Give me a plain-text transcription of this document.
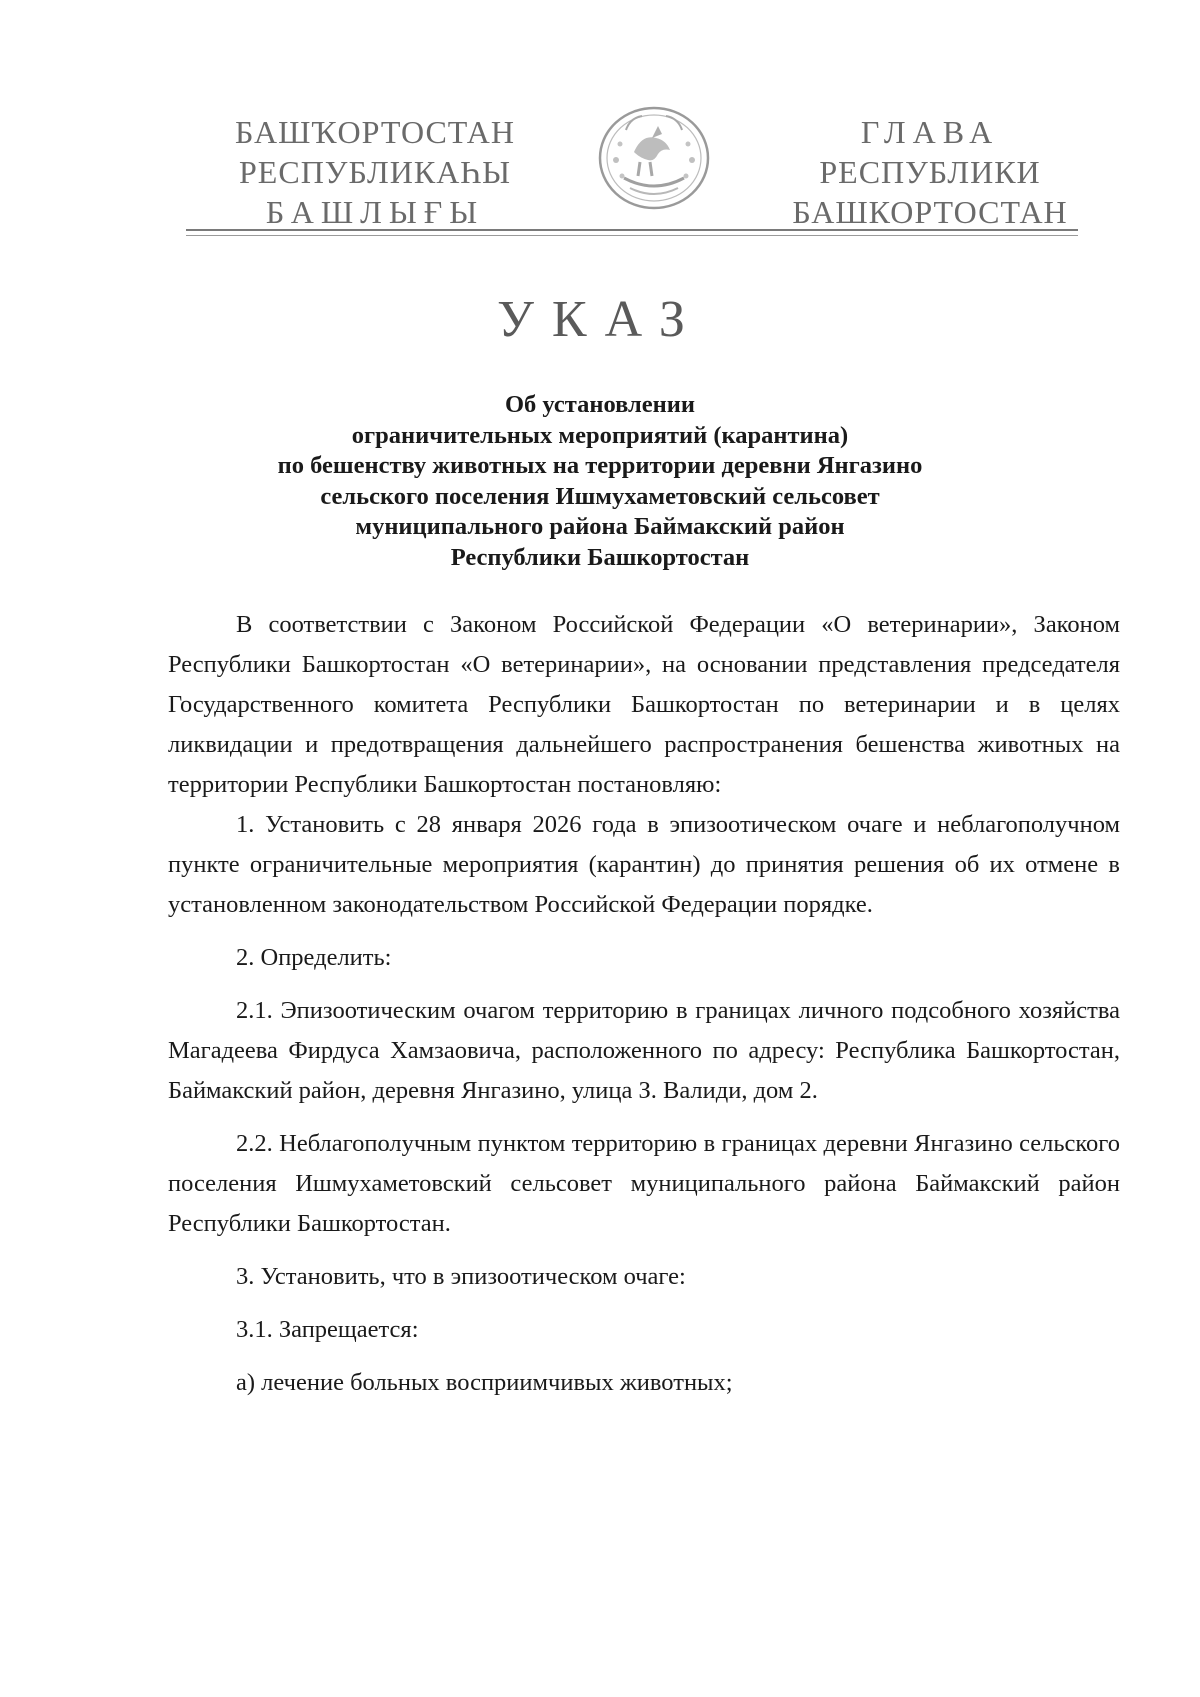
БАШҠОРТОСТАН
РЕСПУБЛИКАҺЫ
БАШЛЫҒЫ
ГЛАВА
РЕСПУБЛИКИ
БАШКОРТОСТАН
УКАЗ
Об установлении
ограничительных мероприятий (карантина)
по бешенству животных на территории деревни Янгазино
сельского поселения Ишмухаметовский сельсовет
муниципального района Баймакский район
Республики Башкортостан

В соответствии с Законом Российской Федерации «О ветеринарии», Законом Республики Башкортостан «О ветеринарии», на основании представления председателя Государственного комитета Республики Башкортостан по ветеринарии и в целях ликвидации и предотвращения дальнейшего распространения бешенства животных на территории Республики Башкортостан постановляю:

1. Установить с 28 января 2026 года в эпизоотическом очаге и неблагополучном пункте ограничительные мероприятия (карантин) до принятия решения об их отмене в установленном законодательством Российской Федерации порядке.

2. Определить:

2.1. Эпизоотическим очагом территорию в границах личного подсобного хозяйства Магадеева Фирдуса Хамзаовича, расположенного по адресу: Республика Башкортостан, Баймакский район, деревня Янгазино, улица З. Валиди, дом 2.

2.2. Неблагополучным пунктом территорию в границах деревни Янгазино сельского поселения Ишмухаметовский сельсовет муниципального района Баймакский район Республики Башкортостан.

3. Установить, что в эпизоотическом очаге:

3.1. Запрещается:

а) лечение больных восприимчивых животных;
